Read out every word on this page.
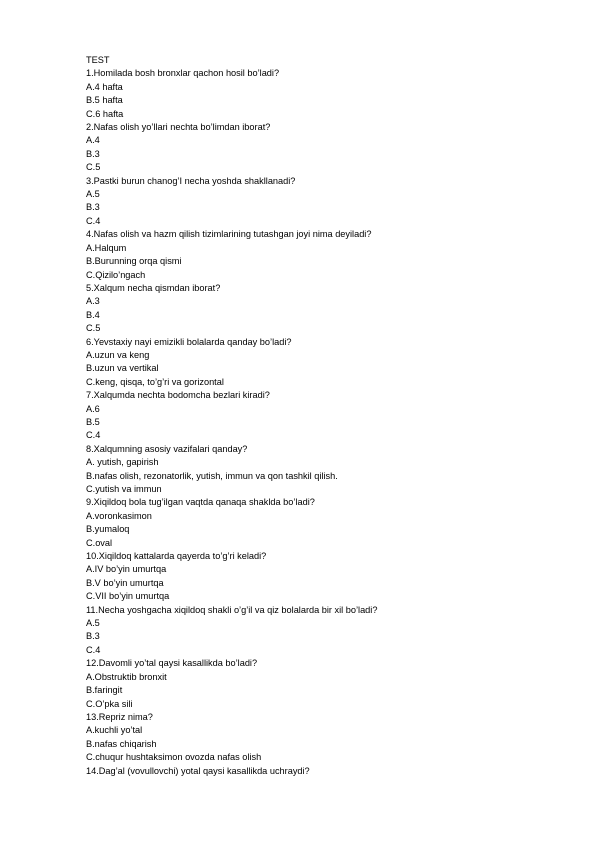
TEST
1.Homilada bosh bronxlar qachon hosil bo’ladi?
A.4 hafta
B.5 hafta
C.6 hafta
2.Nafas olish yo’llari nechta bo’limdan iborat?
A.4
B.3
C.5
3.Pastki burun chanog’I necha yoshda shakllanadi?
A.5
B.3
C.4
4.Nafas olish va hazm qilish tizimlarining tutashgan joyi nima deyiladi?
A.Halqum
B.Burunning orqa qismi
C.Qizilo’ngach
5.Xalqum necha qismdan iborat?
A.3
B.4
C.5
6.Yevstaxiy nayi emizikli bolalarda qanday bo’ladi?
A.uzun va keng
B.uzun va vertikal
C.keng, qisqa, to’g’ri va gorizontal
7.Xalqumda nechta bodomcha bezlari kiradi?
A.6
B.5
C.4
8.Xalqumning asosiy vazifalari qanday?
A. yutish, gapirish
B.nafas olish, rezonatorlik, yutish, immun va qon tashkil qilish.
C.yutish va immun
9.Xiqildoq bola tug’ilgan vaqtda qanaqa shaklda bo’ladi?
A.voronkasimon
B.yumaloq
C.oval
10.Xiqildoq kattalarda qayerda to’g’ri keladi?
A.IV bo’yin umurtqa
B.V bo’yin umurtqa
C.VII bo’yin umurtqa
11.Necha yoshgacha xiqildoq shakli o’g’il va qiz bolalarda bir xil bo’ladi?
A.5
B.3
C.4
12.Davomli yo’tal qaysi kasallikda bo’ladi?
A.Obstruktib bronxit
B.faringit
C.O’pka sili
13.Repriz nima?
A.kuchli yo’tal
B.nafas chiqarish
C.chuqur hushtaksimon ovozda nafas olish
14.Dag’al (vovullovchi) yotal qaysi kasallikda uchraydi?
